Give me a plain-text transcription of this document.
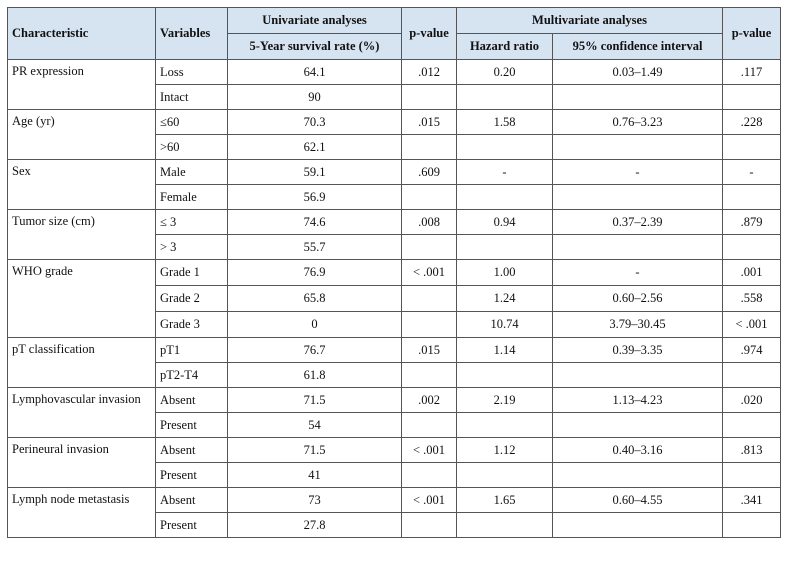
Characteristic	Variables	Univariate analyses	p-value	Multivariate analyses		p-value
		5-Year survival rate (%)		Hazard ratio	95% confidence interval	
PR expression	Loss	64.1	.012	0.20	0.03–1.49	.117
	Intact	90				
Age (yr)	≤60	70.3	.015	1.58	0.76–3.23	.228
	>60	62.1				
Sex	Male	59.1	.609	-	-	-
	Female	56.9				
Tumor size (cm)	≤ 3	74.6	.008	0.94	0.37–2.39	.879
	> 3	55.7				
WHO grade	Grade 1	76.9	< .001	1.00	-	.001
	Grade 2	65.8		1.24	0.60–2.56	.558
	Grade 3	0		10.74	3.79–30.45	< .001
pT classification	pT1	76.7	.015	1.14	0.39–3.35	.974
	pT2-T4	61.8				
Lymphovascular invasion	Absent	71.5	.002	2.19	1.13–4.23	.020
	Present	54				
Perineural invasion	Absent	71.5	< .001	1.12	0.40–3.16	.813
	Present	41				
Lymph node metastasis	Absent	73	< .001	1.65	0.60–4.55	.341
	Present	27.8				
